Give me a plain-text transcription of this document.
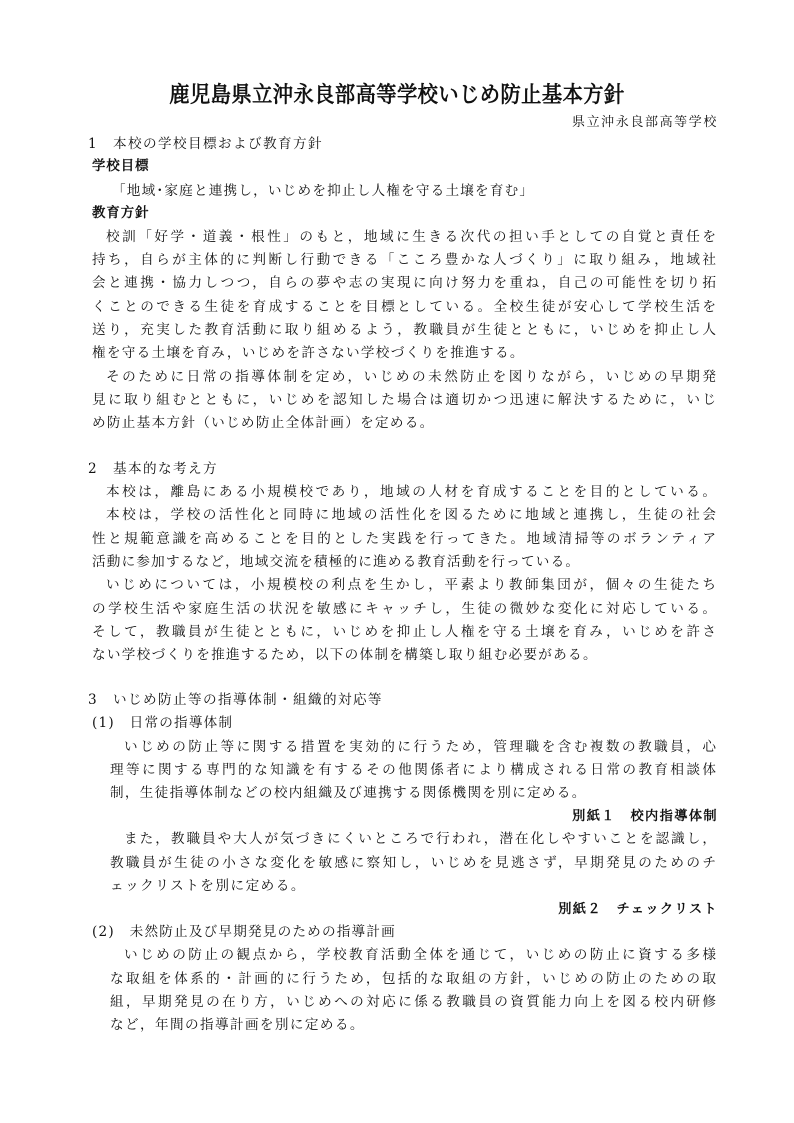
鹿児島県立沖永良部高等学校いじめ防止基本方針
県立沖永良部高等学校
1　本校の学校目標および教育方針
学校目標
「地域･家庭と連携し，いじめを抑止し人権を守る土壌を育む」
教育方針
校訓「好学・道義・根性」のもと，地域に生きる次代の担い手としての自覚と責任を
持ち，自らが主体的に判断し行動できる「こころ豊かな人づくり」に取り組み，地域社
会と連携・協力しつつ，自らの夢や志の実現に向け努力を重ね，自己の可能性を切り拓
くことのできる生徒を育成することを目標としている。全校生徒が安心して学校生活を
送り，充実した教育活動に取り組めるよう，教職員が生徒とともに，いじめを抑止し人
権を守る土壌を育み，いじめを許さない学校づくりを推進する。
そのために日常の指導体制を定め，いじめの未然防止を図りながら，いじめの早期発
見に取り組むとともに，いじめを認知した場合は適切かつ迅速に解決するために，いじ
め防止基本方針（いじめ防止全体計画）を定める。
2　基本的な考え方
本校は，離島にある小規模校であり，地域の人材を育成することを目的としている。
本校は，学校の活性化と同時に地域の活性化を図るために地域と連携し，生徒の社会
性と規範意識を高めることを目的とした実践を行ってきた。地域清掃等のボランティア
活動に参加するなど，地域交流を積極的に進める教育活動を行っている。
いじめについては，小規模校の利点を生かし，平素より教師集団が，個々の生徒たち
の学校生活や家庭生活の状況を敏感にキャッチし，生徒の微妙な変化に対応している。
そして，教職員が生徒とともに，いじめを抑止し人権を守る土壌を育み，いじめを許さ
ない学校づくりを推進するため，以下の体制を構築し取り組む必要がある。
3　いじめ防止等の指導体制・組織的対応等
(1)　日常の指導体制
いじめの防止等に関する措置を実効的に行うため，管理職を含む複数の教職員，心
理等に関する専門的な知識を有するその他関係者により構成される日常の教育相談体
制，生徒指導体制などの校内組織及び連携する関係機関を別に定める。
別紙１　校内指導体制
また，教職員や大人が気づきにくいところで行われ，潜在化しやすいことを認識し，
教職員が生徒の小さな変化を敏感に察知し，いじめを見逃さず，早期発見のためのチ
ェックリストを別に定める。
別紙２　チェックリスト
(2)　未然防止及び早期発見のための指導計画
いじめの防止の観点から，学校教育活動全体を通じて，いじめの防止に資する多様
な取組を体系的・計画的に行うため，包括的な取組の方針，いじめの防止のための取
組，早期発見の在り方，いじめへの対応に係る教職員の資質能力向上を図る校内研修
など，年間の指導計画を別に定める。
